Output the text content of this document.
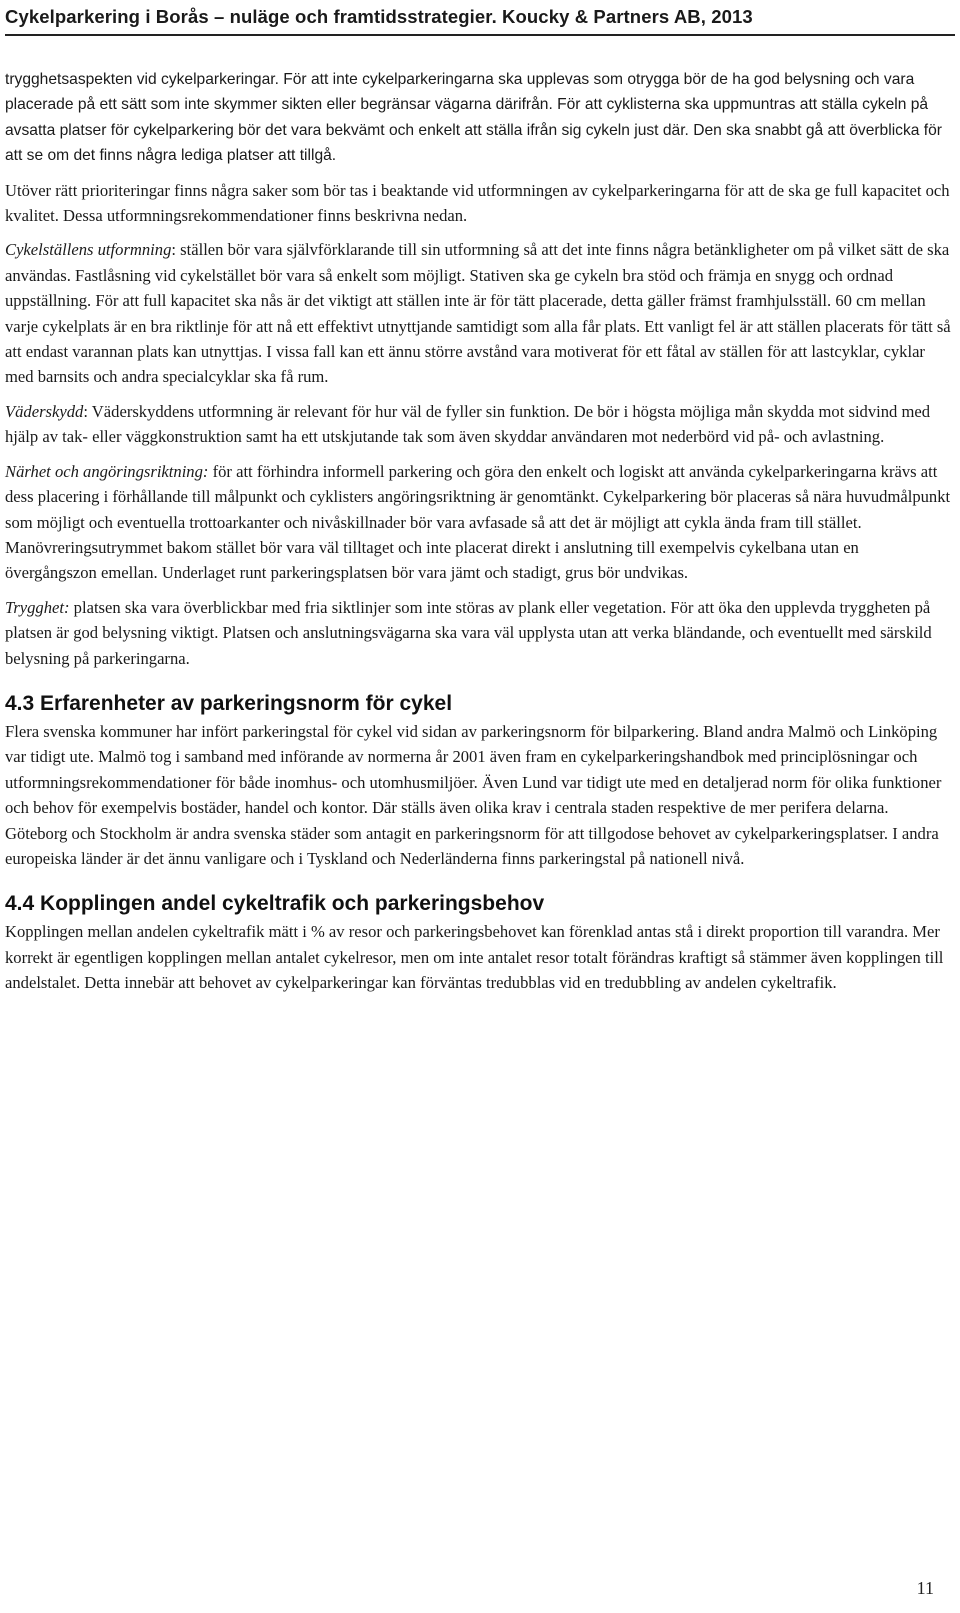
Cykelparkering i Borås – nuläge och framtidsstrategier. Koucky & Partners AB, 2013

trygghetsaspekten vid cykelparkeringar. För att inte cykelparkeringarna ska upplevas som otrygga bör de ha god belysning och vara placerade på ett sätt som inte skymmer sikten eller begränsar vägarna därifrån. För att cyklisterna ska uppmuntras att ställa cykeln på avsatta platser för cykelparkering bör det vara bekvämt och enkelt att ställa ifrån sig cykeln just där. Den ska snabbt gå att överblicka för att se om det finns några lediga platser att tillgå.

Utöver rätt prioriteringar finns några saker som bör tas i beaktande vid utformningen av cykelparkeringarna för att de ska ge full kapacitet och kvalitet. Dessa utformningsrekommendationer finns beskrivna nedan.

Cykelställens utformning: ställen bör vara självförklarande till sin utformning så att det inte finns några betänkligheter om på vilket sätt de ska användas. Fastlåsning vid cykelstället bör vara så enkelt som möjligt. Stativen ska ge cykeln bra stöd och främja en snygg och ordnad uppställning. För att full kapacitet ska nås är det viktigt att ställen inte är för tätt placerade, detta gäller främst framhjulsställ. 60 cm mellan varje cykelplats är en bra riktlinje för att nå ett effektivt utnyttjande samtidigt som alla får plats. Ett vanligt fel är att ställen placerats för tätt så att endast varannan plats kan utnyttjas. I vissa fall kan ett ännu större avstånd vara motiverat för ett fåtal av ställen för att lastcyklar, cyklar med barnsits och andra specialcyklar ska få rum.

Väderskydd: Väderskyddens utformning är relevant för hur väl de fyller sin funktion. De bör i högsta möjliga mån skydda mot sidvind med hjälp av tak- eller väggkonstruktion samt ha ett utskjutande tak som även skyddar användaren mot nederbörd vid på- och avlastning.

Närhet och angöringsriktning: för att förhindra informell parkering och göra den enkelt och logiskt att använda cykelparkeringarna krävs att dess placering i förhållande till målpunkt och cyklisters angöringsriktning är genomtänkt. Cykelparkering bör placeras så nära huvudmålpunkt som möjligt och eventuella trottoarkanter och nivåskillnader bör vara avfasade så att det är möjligt att cykla ända fram till stället. Manövreringsutrymmet bakom stället bör vara väl tilltaget och inte placerat direkt i anslutning till exempelvis cykelbana utan en övergångszon emellan. Underlaget runt parkeringsplatsen bör vara jämt och stadigt, grus bör undvikas.

Trygghet: platsen ska vara överblickbar med fria siktlinjer som inte störas av plank eller vegetation. För att öka den upplevda tryggheten på platsen är god belysning viktigt. Platsen och anslutningsvägarna ska vara väl upplysta utan att verka bländande, och eventuellt med särskild belysning på parkeringarna.

4.3 Erfarenheter av parkeringsnorm för cykel

Flera svenska kommuner har infört parkeringstal för cykel vid sidan av parkeringsnorm för bilparkering. Bland andra Malmö och Linköping var tidigt ute. Malmö tog i samband med införande av normerna år 2001 även fram en cykelparkeringshandbok med principlösningar och utformningsrekommendationer för både inomhus- och utomhusmiljöer. Även Lund var tidigt ute med en detaljerad norm för olika funktioner och behov för exempelvis bostäder, handel och kontor. Där ställs även olika krav i centrala staden respektive de mer perifera delarna. Göteborg och Stockholm är andra svenska städer som antagit en parkeringsnorm för att tillgodose behovet av cykelparkeringsplatser. I andra europeiska länder är det ännu vanligare och i Tyskland och Nederländerna finns parkeringstal på nationell nivå.

4.4 Kopplingen andel cykeltrafik och parkeringsbehov

Kopplingen mellan andelen cykeltrafik mätt i % av resor och parkeringsbehovet kan förenklad antas stå i direkt proportion till varandra. Mer korrekt är egentligen kopplingen mellan antalet cykelresor, men om inte antalet resor totalt förändras kraftigt så stämmer även kopplingen till andelstalet. Detta innebär att behovet av cykelparkeringar kan förväntas tredubblas vid en tredubbling av andelen cykeltrafik.

11
